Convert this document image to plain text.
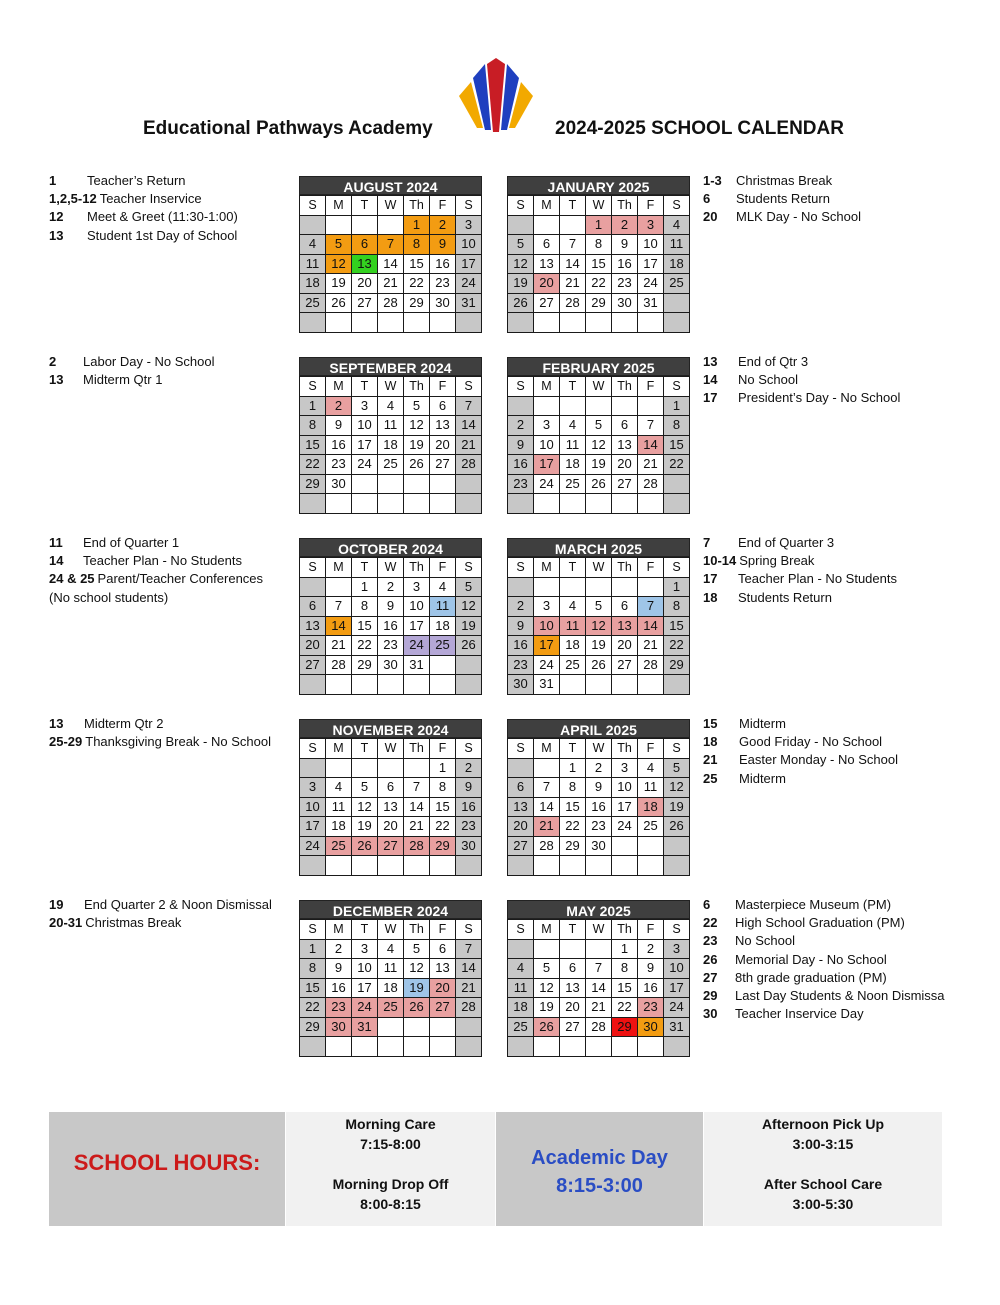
Educational Pathways Academy	2024-2025 SCHOOL CALENDAR
AUGUST 2024
S	M	T	W	Th	F	S
				1	2	3
4	5	6	7	8	9	10
11	12	13	14	15	16	17
18	19	20	21	22	23	24
25	26	27	28	29	30	31

JANUARY 2025
S	M	T	W	Th	F	S
			1	2	3	4
5	6	7	8	9	10	11
12	13	14	15	16	17	18
19	20	21	22	23	24	25
26	27	28	29	30	31	

SEPTEMBER 2024
S	M	T	W	Th	F	S
1	2	3	4	5	6	7
8	9	10	11	12	13	14
15	16	17	18	19	20	21
22	23	24	25	26	27	28
29	30					

FEBRUARY 2025
S	M	T	W	Th	F	S
						1
2	3	4	5	6	7	8
9	10	11	12	13	14	15
16	17	18	19	20	21	22
23	24	25	26	27	28	

OCTOBER 2024
S	M	T	W	Th	F	S
		1	2	3	4	5
6	7	8	9	10	11	12
13	14	15	16	17	18	19
20	21	22	23	24	25	26
27	28	29	30	31		

MARCH 2025
S	M	T	W	Th	F	S
						1
2	3	4	5	6	7	8
9	10	11	12	13	14	15
16	17	18	19	20	21	22
23	24	25	26	27	28	29
30	31					
NOVEMBER 2024
S	M	T	W	Th	F	S
					1	2
3	4	5	6	7	8	9
10	11	12	13	14	15	16
17	18	19	20	21	22	23
24	25	26	27	28	29	30

APRIL 2025
S	M	T	W	Th	F	S
		1	2	3	4	5
6	7	8	9	10	11	12
13	14	15	16	17	18	19
20	21	22	23	24	25	26
27	28	29	30			

DECEMBER 2024
S	M	T	W	Th	F	S
1	2	3	4	5	6	7
8	9	10	11	12	13	14
15	16	17	18	19	20	21
22	23	24	25	26	27	28
29	30	31				

MAY 2025
S	M	T	W	Th	F	S
				1	2	3
4	5	6	7	8	9	10
11	12	13	14	15	16	17
18	19	20	21	22	23	24
25	26	27	28	29	30	31

1 Teacher’s Return
1,2,5-12 Teacher Inservice
12 Meet & Greet (11:30-1:00)
13 Student 1st Day of School
1-3 Christmas Break
6 Students Return
20 MLK Day - No School
2 Labor Day - No School
13 Midterm Qtr 1
13 End of Qtr 3
14 No School
17 President’s Day - No School
11 End of Quarter 1
14 Teacher Plan - No Students
24 & 25 Parent/Teacher Conferences
(No school students)
7 End of Quarter 3
10-14 Spring Break
17 Teacher Plan - No Students
18 Students Return
13 Midterm Qtr 2
25-29 Thanksgiving Break - No School
15 Midterm
18 Good Friday - No School
21 Easter Monday - No School
25 Midterm
19 End Quarter 2 & Noon Dismissal
20-31 Christmas Break
6 Masterpiece Museum (PM)
22 High School Graduation (PM)
23 No School
26 Memorial Day - No School
27 8th grade graduation (PM)
29 Last Day Students & Noon Dismissa
30 Teacher Inservice Day
SCHOOL HOURS:
Morning Care
7:15-8:00
Morning Drop Off
8:00-8:15
Academic Day
8:15-3:00
Afternoon Pick Up
3:00-3:15
After School Care
3:00-5:30
